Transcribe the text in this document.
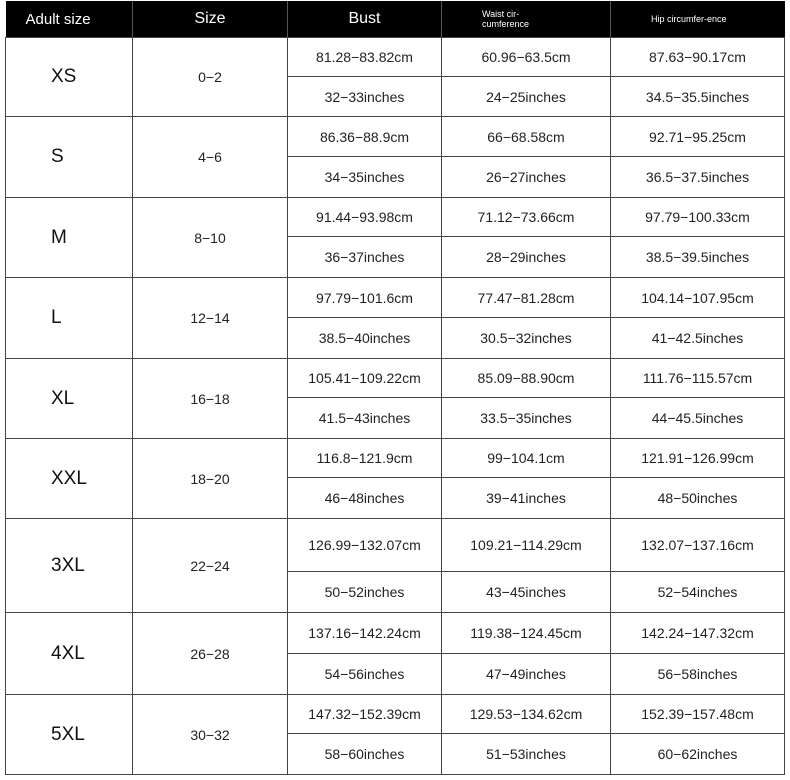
Adult size	Size	Bust	Waist cir-cumference	Hip circumfer-ence

XS	0−2	81.28−83.82cm	60.96−63.5cm	87.63−90.17cm
		32−33inches	24−25inches	34.5−35.5inches
S	4−6	86.36−88.9cm	66−68.58cm	92.71−95.25cm
		34−35inches	26−27inches	36.5−37.5inches
M	8−10	91.44−93.98cm	71.12−73.66cm	97.79−100.33cm
		36−37inches	28−29inches	38.5−39.5inches
L	12−14	97.79−101.6cm	77.47−81.28cm	104.14−107.95cm
		38.5−40inches	30.5−32inches	41−42.5inches
XL	16−18	105.41−109.22cm	85.09−88.90cm	111.76−115.57cm
		41.5−43inches	33.5−35inches	44−45.5inches
XXL	18−20	116.8−121.9cm	99−104.1cm	121.91−126.99cm
		46−48inches	39−41inches	48−50inches
3XL	22−24	126.99−132.07cm	109.21−114.29cm	132.07−137.16cm
		50−52inches	43−45inches	52−54inches
4XL	26−28	137.16−142.24cm	119.38−124.45cm	142.24−147.32cm
		54−56inches	47−49inches	56−58inches
5XL	30−32	147.32−152.39cm	129.53−134.62cm	152.39−157.48cm
		58−60inches	51−53inches	60−62inches
